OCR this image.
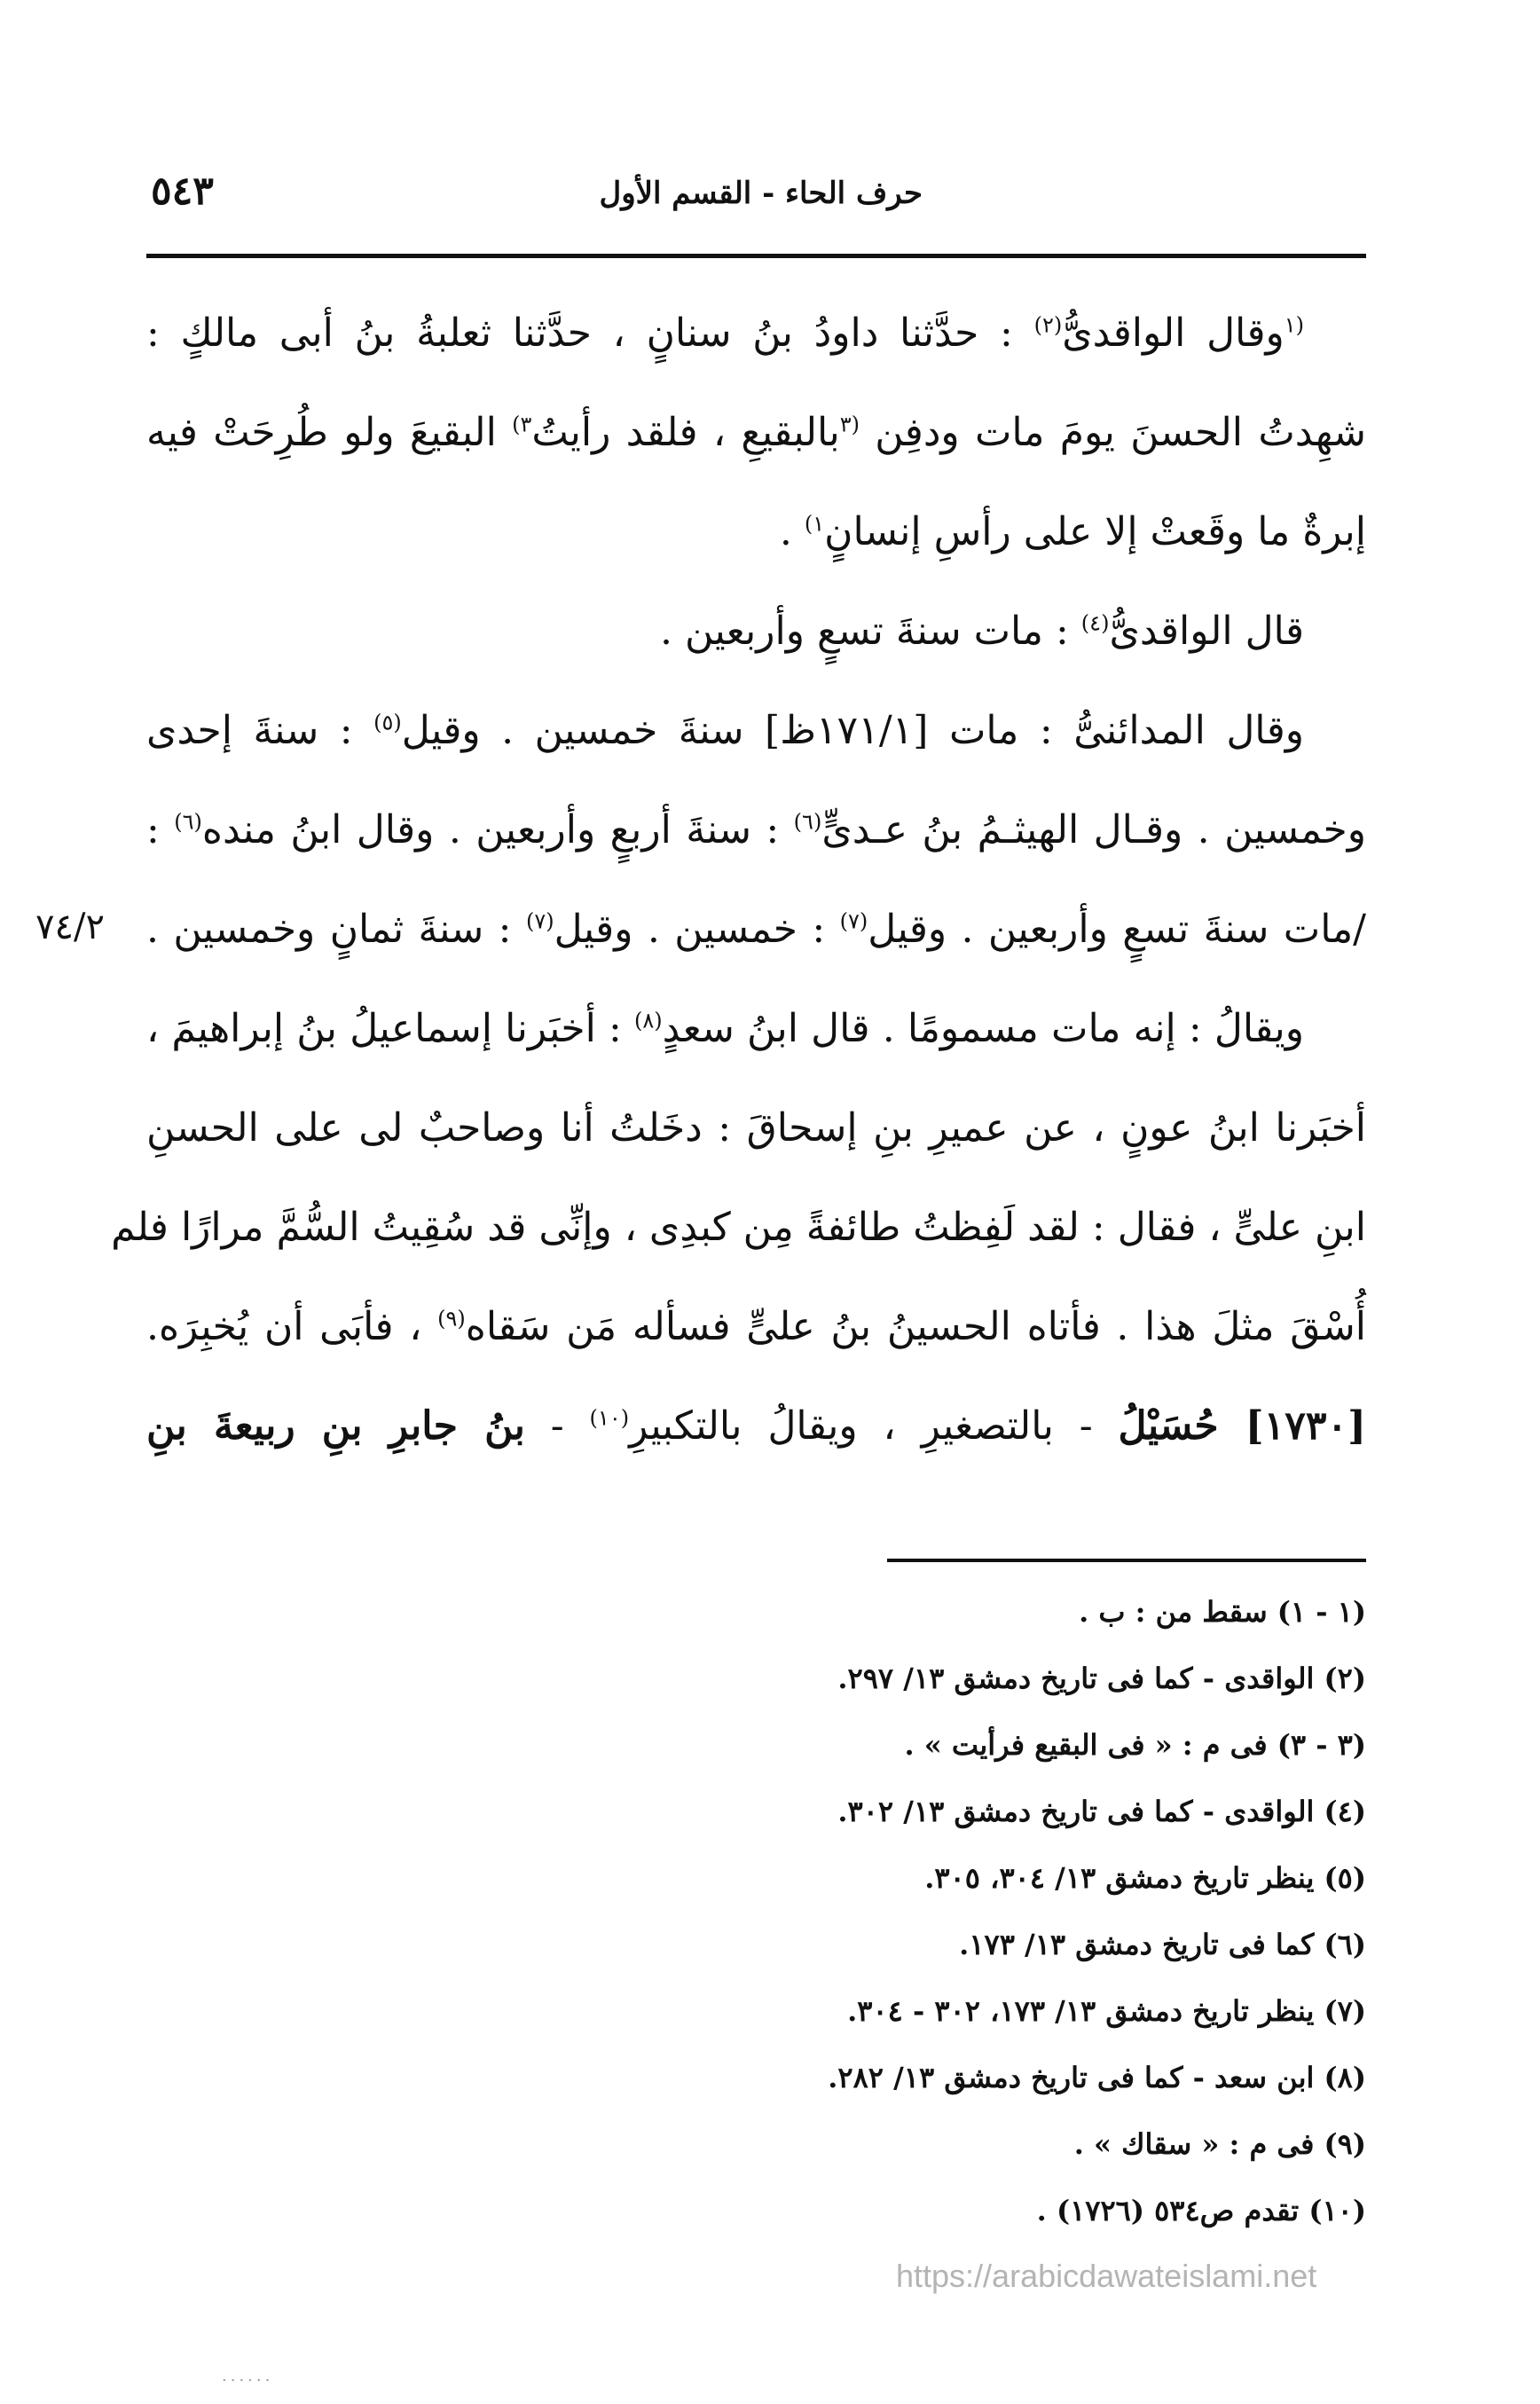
حرف الحاء - القسم الأول
٥٤٣

$^{(١}$وقال الواقدىُّ$^{(٢)}$ : حدَّثنا داودُ بنُ سنانٍ ، حدَّثنا ثعلبةُ بنُ أبى مالكٍ :

شهِدتُ الحسنَ يومَ مات ودفِن $^{(٣}$بالبقيعِ ، فلقد رأيتُ$^{٣)}$ البقيعَ ولو طُرِحَتْ فيه
إبرةٌ ما وقَعتْ إلا على رأسِ إنسانٍ$^{١)}$ .

قال الواقدىُّ$^{(٤)}$ : مات سنةَ تسعٍ وأربعين .

وقال المدائنىُّ : مات [١٧١/١ظ] سنةَ خمسين . وقيل$^{(٥)}$ : سنةَ إحدى

وخمسين . وقـال الهيثـمُ بنُ عـدىٍّ$^{(٦)}$ : سنةَ أربعٍ وأربعين . وقال ابنُ منده$^{(٦)}$ :
/مات سنةَ تسعٍ وأربعين . وقيل$^{(٧)}$ : خمسين . وقيل$^{(٧)}$ : سنةَ ثمانٍ وخمسين .

ويقالُ : إنه مات مسمومًا . قال ابنُ سعدٍ$^{(٨)}$ : أخبَرنا إسماعيلُ بنُ إبراهيمَ ،

أخبَرنا ابنُ عونٍ ، عن عميرِ بنِ إسحاقَ : دخَلتُ أنا وصاحبٌ لى على الحسنِ
ابنِ علىٍّ ، فقال : لقد لَفِظتُ طائفةً مِن كبدِى ، وإنِّى قد سُقِيتُ السُّمَّ مرارًا فلم
أُسْقَ مثلَ هذا . فأتاه الحسينُ بنُ علىٍّ فسأله مَن سَقاه$^{(٩)}$ ، فأبَى أن يُخبِرَه.

[١٧٣٠] حُسَيْلُ - بالتصغيرِ ، ويقالُ بالتكبيرِ$^{(١٠)}$ - بنُ جابرِ بنِ ربيعةَ بنِ

٧٤/٢
(١ - ١) سقط من : ب .
(٢) الواقدى - كما فى تاريخ دمشق ١٣/ ٢٩٧.
(٣ - ٣) فى م : « فى البقيع فرأيت » .
(٤) الواقدى - كما فى تاريخ دمشق ١٣/ ٣٠٢.
(٥) ينظر تاريخ دمشق ١٣/ ٣٠٤، ٣٠٥.
(٦) كما فى تاريخ دمشق ١٣/ ١٧٣.
(٧) ينظر تاريخ دمشق ١٣/ ١٧٣، ٣٠٢ - ٣٠٤.
(٨) ابن سعد - كما فى تاريخ دمشق ١٣/ ٢٨٢.
(٩) فى م : « سقاك » .
(١٠) تقدم ص٥٣٤ (١٧٢٦) .
https://arabicdawateislami.net
......
